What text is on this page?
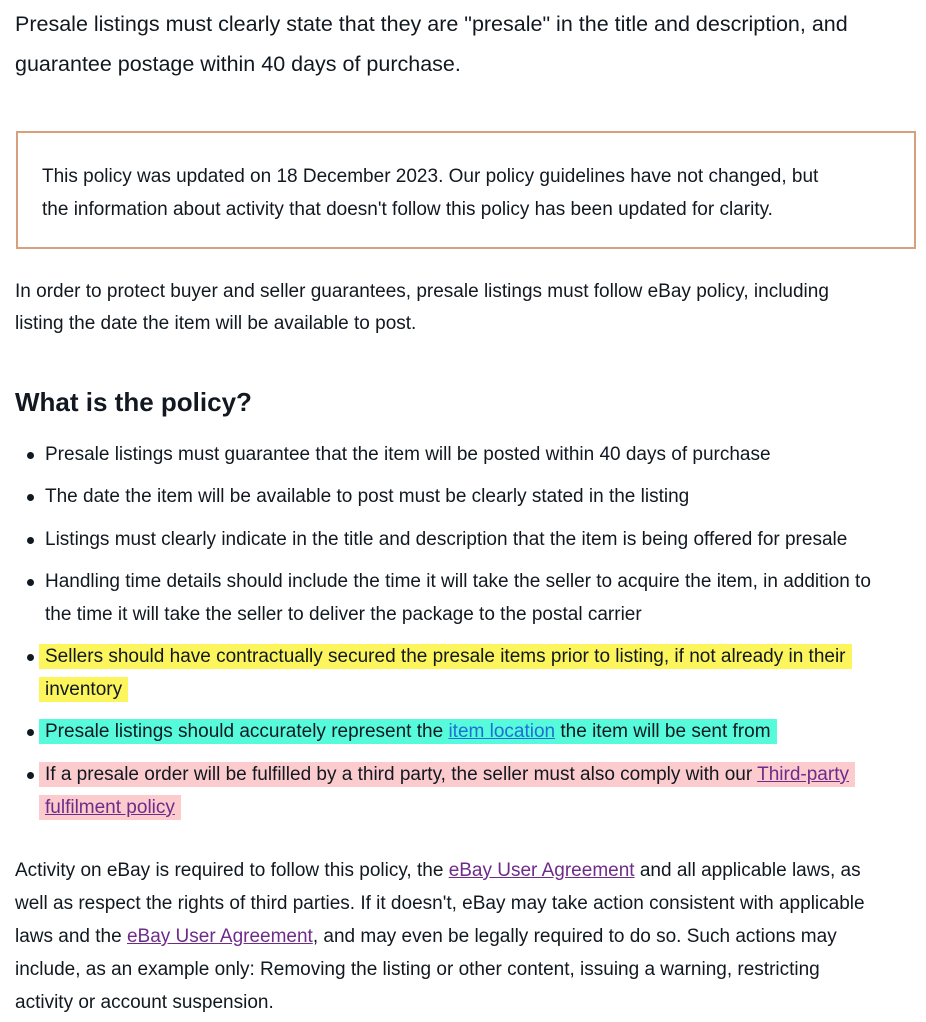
Presale listings must clearly state that they are "presale" in the title and description, and
guarantee postage within 40 days of purchase.

This policy was updated on 18 December 2023. Our policy guidelines have not changed, but
the information about activity that doesn't follow this policy has been updated for clarity.

In order to protect buyer and seller guarantees, presale listings must follow eBay policy, including
listing the date the item will be available to post.

What is the policy?
Presale listings must guarantee that the item will be posted within 40 days of purchase
The date the item will be available to post must be clearly stated in the listing
Listings must clearly indicate in the title and description that the item is being offered for presale
Handling time details should include the time it will take the seller to acquire the item, in addition to
the time it will take the seller to deliver the package to the postal carrier
Sellers should have contractually secured the presale items prior to listing, if not already in their
inventory
Presale listings should accurately represent the item location the item will be sent from
If a presale order will be fulfilled by a third party, the seller must also comply with our Third-party
fulfilment policy

Activity on eBay is required to follow this policy, the eBay User Agreement and all applicable laws, as
well as respect the rights of third parties. If it doesn't, eBay may take action consistent with applicable
laws and the eBay User Agreement, and may even be legally required to do so. Such actions may
include, as an example only: Removing the listing or other content, issuing a warning, restricting
activity or account suspension.
